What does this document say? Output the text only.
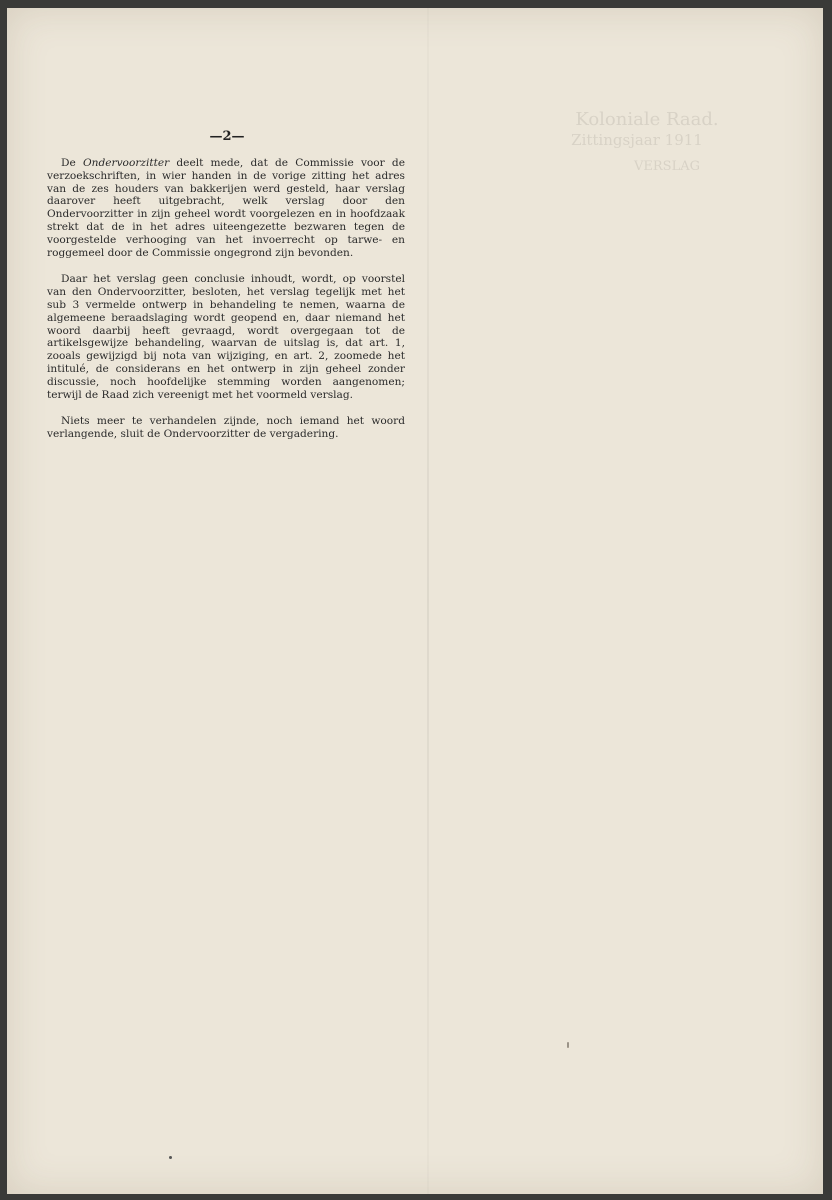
Koloniale Raad.
Zittingsjaar 1911
VERSLAG
—2—

De Ondervoorzitter deelt mede, dat de Commissie voor de verzoekschriften, in wier handen in de vorige zitting het adres van de zes houders van bakkerijen werd gesteld, haar verslag daarover heeft uitgebracht, welk verslag door den Ondervoorzitter in zijn geheel wordt voorgelezen en in hoofdzaak strekt dat de in het adres uiteengezette bezwaren tegen de voorgestelde verhooging van het invoerrecht op tarwe- en roggemeel door de Commissie ongegrond zijn bevonden.

Daar het verslag geen conclusie inhoudt, wordt, op voorstel van den Ondervoorzitter, besloten, het verslag tegelijk met het sub 3 vermelde ontwerp in behandeling te nemen, waarna de algemeene beraadslaging wordt geopend en, daar niemand het woord daarbij heeft gevraagd, wordt overgegaan tot de artikelsgewijze behandeling, waarvan de uitslag is, dat art. 1, zooals gewijzigd bij nota van wijziging, en art. 2, zoomede het intitulé, de considerans en het ontwerp in zijn geheel zonder discussie, noch hoofdelijke stemming worden aangenomen; terwijl de Raad zich vereenigt met het voormeld verslag.

Niets meer te verhandelen zijnde, noch iemand het woord verlangende, sluit de Ondervoorzitter de vergadering.
